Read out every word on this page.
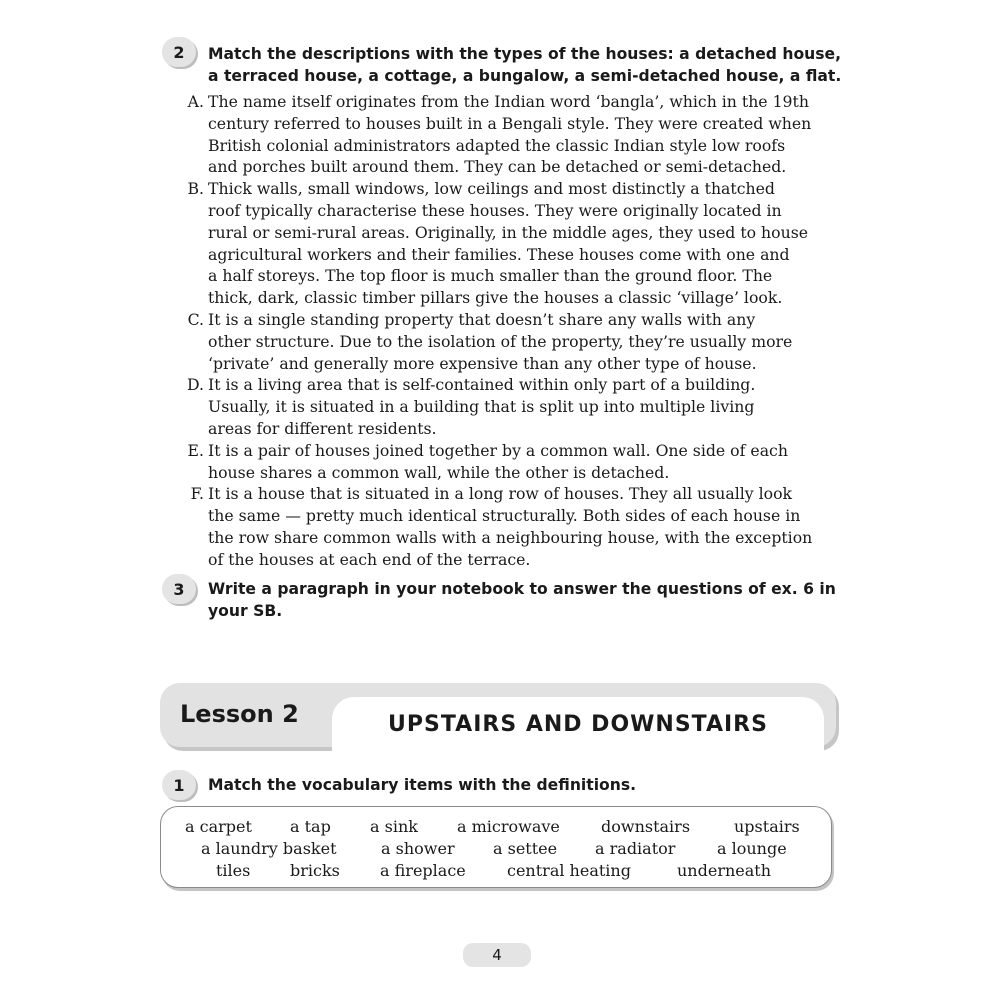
2	Match the descriptions with the types of the houses: a detached house,
a terraced house, a cottage, a bungalow, a semi-detached house, a flat.
A. The name itself originates from the Indian word ‘bangla’, which in the 19th
century referred to houses built in a Bengali style. They were created when
British colonial administrators adapted the classic Indian style low roofs
and porches built around them. They can be detached or semi-detached.
B. Thick walls, small windows, low ceilings and most distinctly a thatched
roof typically characterise these houses. They were originally located in
rural or semi-rural areas. Originally, in the middle ages, they used to house
agricultural workers and their families. These houses come with one and
a half storeys. The top floor is much smaller than the ground floor. The
thick, dark, classic timber pillars give the houses a classic ‘village’ look.
C. It is a single standing property that doesn’t share any walls with any
other structure. Due to the isolation of the property, they’re usually more
‘private’ and generally more expensive than any other type of house.
D. It is a living area that is self-contained within only part of a building.
Usually, it is situated in a building that is split up into multiple living
areas for different residents.
E. It is a pair of houses joined together by a common wall. One side of each
house shares a common wall, while the other is detached.
F. It is a house that is situated in a long row of houses. They all usually look
the same — pretty much identical structurally. Both sides of each house in
the row share common walls with a neighbouring house, with the exception
of the houses at each end of the terrace.
3	Write a paragraph in your notebook to answer the questions of ex. 6 in
your SB.
Lesson 2	UPSTAIRS AND DOWNSTAIRS
1	Match the vocabulary items with the definitions.
a carpet a tap a sink a microwave	downstairs	upstairs
a laundry basket	a shower a settee a radiator	a lounge
tiles bricks	a fireplace	central heating	underneath
4
